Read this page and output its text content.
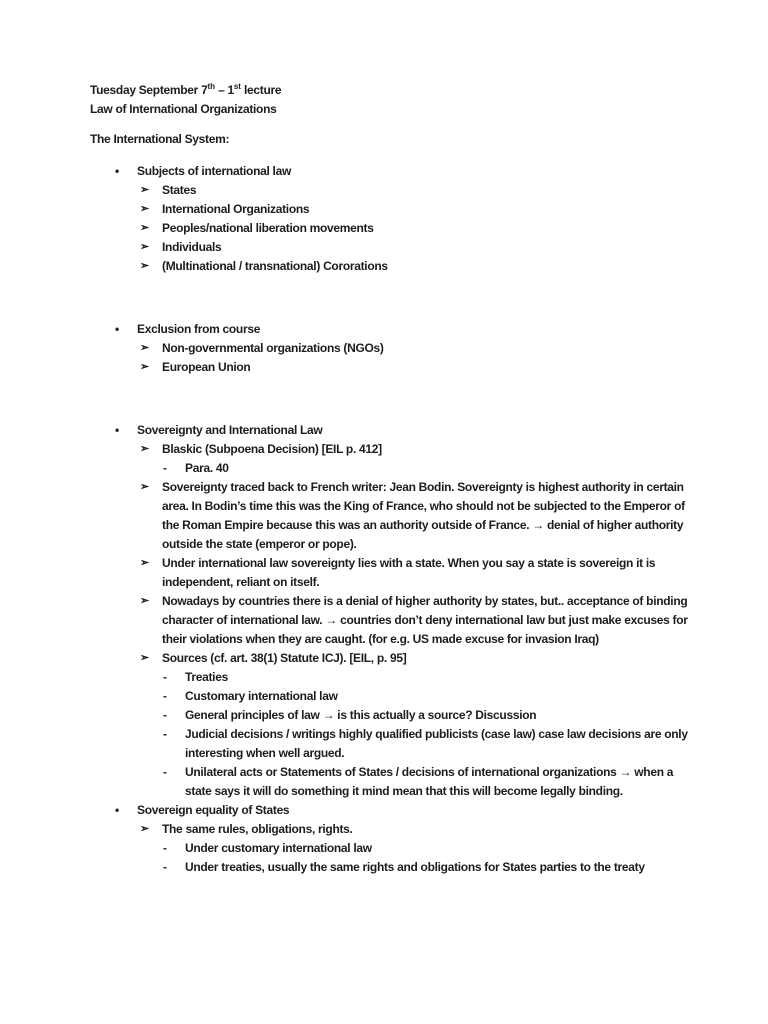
Tuesday September 7th – 1st lecture

Law of International Organizations

The International System:

•	Subjects of international law
➢	States
➢	International Organizations
➢	Peoples/national liberation movements
➢	Individuals
➢	(Multinational / transnational) Cororations
•	Exclusion from course
➢	Non-governmental organizations (NGOs)
➢	European Union
•	Sovereignty and International Law
➢	Blaskic (Subpoena Decision) [EIL p. 412]
-	Para. 40
➢	Sovereignty traced back to French writer: Jean Bodin. Sovereignty is highest authority in certain area. In Bodin’s time this was the King of France, who should not be subjected to the Emperor of the Roman Empire because this was an authority outside of France. → denial of higher authority outside the state (emperor or pope).
➢	Under international law sovereignty lies with a state. When you say a state is sovereign it is independent, reliant on itself.
➢	Nowadays by countries there is a denial of higher authority by states, but.. acceptance of binding character of international law. → countries don’t deny international law but just make excuses for their violations when they are caught. (for e.g. US made excuse for invasion Iraq)
➢	Sources (cf. art. 38(1) Statute ICJ). [EIL, p. 95]
-	Treaties
-	Customary international law
-	General principles of law → is this actually a source? Discussion
-	Judicial decisions / writings highly qualified publicists (case law) case law decisions are only interesting when well argued.
-	Unilateral acts or Statements of States / decisions of international organizations → when a state says it will do something it mind mean that this will become legally binding.
•	Sovereign equality of States
➢	The same rules, obligations, rights.
-	Under customary international law
-	Under treaties, usually the same rights and obligations for States parties to the treaty
